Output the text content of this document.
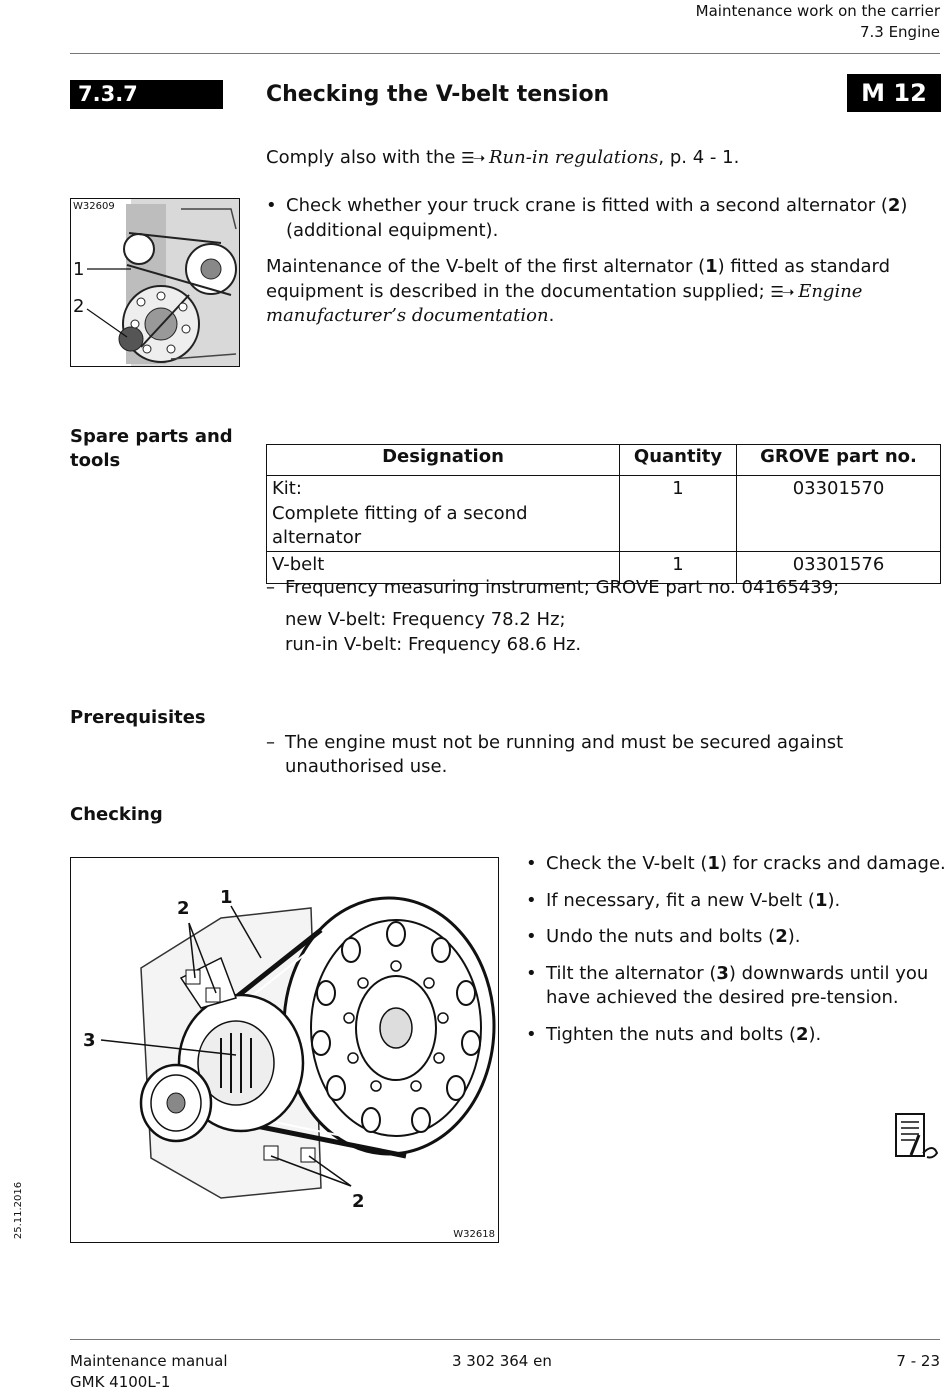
Maintenance work on the carrier
7.3 Engine
7.3.7	Checking the V-belt tension	M 12
Comply also with the ☰➝ Run-in regulations, p. 4 - 1.
W32609
1
2
• Check whether your truck crane is fitted with a second alternator (2)
(additional equipment).
Maintenance of the V-belt of the first alternator (1) fitted as standard
equipment is described in the documentation supplied; ☰➝ Engine
manufacturer’s documentation.
Spare parts and
tools	Designation	Quantity	GROVE part no.

Kit:
Complete fitting of a second alternator	1	03301570
V-belt	1	03301576
– Frequency measuring instrument; GROVE part no. 04165439;
new V-belt: Frequency 78.2 Hz;
run-in V-belt: Frequency 68.6 Hz.
Prerequisites
– The engine must not be running and must be secured against
unauthorised use.
Checking
2
1
3
2
W32618
• Check the V-belt (1) for cracks and damage.
• If necessary, fit a new V-belt (1).
• Undo the nuts and bolts (2).
• Tilt the alternator (3) downwards until you
have achieved the desired pre-tension.
• Tighten the nuts and bolts (2).
25.11.2016
Maintenance manual
GMK 4100L-1
3 302 364 en	7 - 23
